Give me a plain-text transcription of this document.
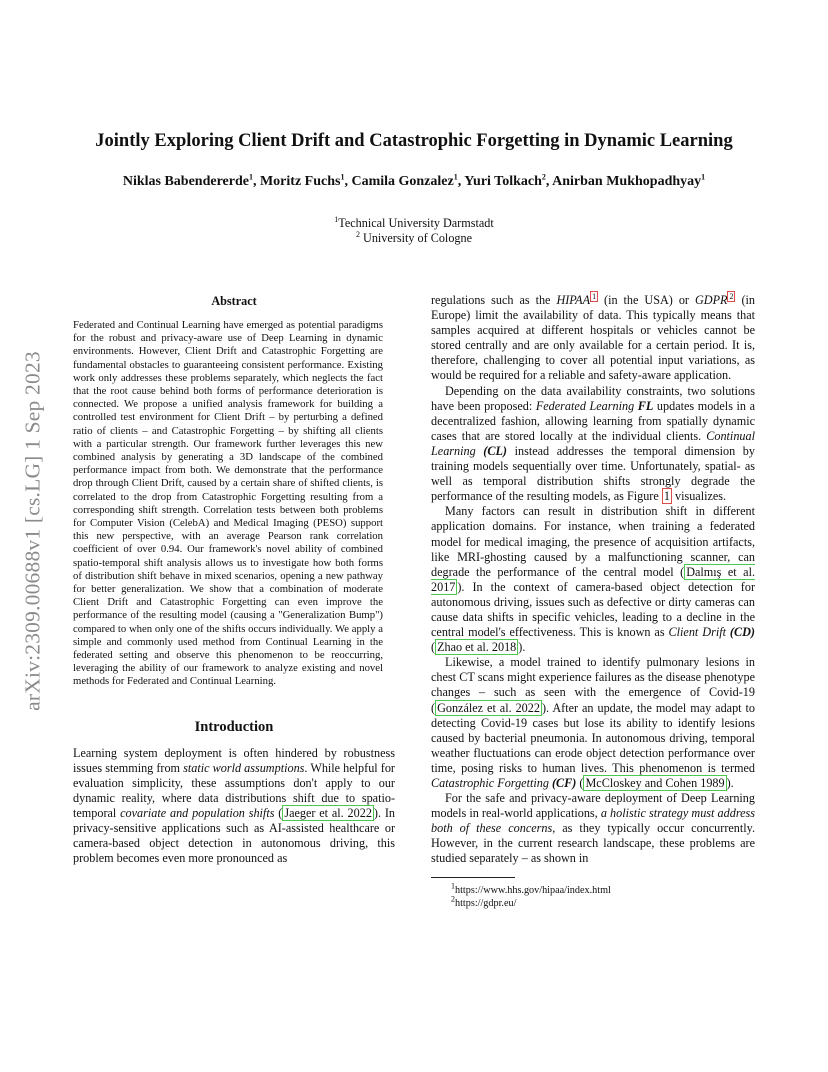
Jointly Exploring Client Drift and Catastrophic Forgetting in Dynamic Learning
Niklas Babendererde$^1$, Moritz Fuchs$^1$, Camila Gonzalez$^1$, Yuri Tolkach$^2$, Anirban Mukhopadhyay$^1$
$^1$Technical University Darmstadt
$^2$ University of Cologne
arXiv:2309.00688v1 [cs.LG] 1 Sep 2023
Abstract

Federated and Continual Learning have emerged as potential paradigms for the robust and privacy-aware use of Deep Learning in dynamic environments. However, Client Drift and Catastrophic Forgetting are fundamental obstacles to guaranteeing consistent performance. Existing work only addresses these problems separately, which neglects the fact that the root cause behind both forms of performance deterioration is connected. We propose a unified analysis framework for building a controlled test environment for Client Drift – by perturbing a defined ratio of clients – and Catastrophic Forgetting – by shifting all clients with a particular strength. Our framework further leverages this new combined analysis by generating a 3D landscape of the combined performance impact from both. We demonstrate that the performance drop through Client Drift, caused by a certain share of shifted clients, is correlated to the drop from Catastrophic Forgetting resulting from a corresponding shift strength. Correlation tests between both problems for Computer Vision (CelebA) and Medical Imaging (PESO) support this new perspective, with an average Pearson rank correlation coefficient of over 0.94. Our framework's novel ability of combined spatio-temporal shift analysis allows us to investigate how both forms of distribution shift behave in mixed scenarios, opening a new pathway for better generalization. We show that a combination of moderate Client Drift and Catastrophic Forgetting can even improve the performance of the resulting model (causing a "Generalization Bump") compared to when only one of the shifts occurs individually. We apply a simple and commonly used method from Continual Learning in the federated setting and observe this phenomenon to be reoccurring, leveraging the ability of our framework to analyze existing and novel methods for Federated and Continual Learning.

Introduction

Learning system deployment is often hindered by robustness issues stemming from static world assumptions. While helpful for evaluation simplicity, these assumptions don't apply to our dynamic reality, where data distributions shift due to spatio-temporal covariate and population shifts ( Jaeger et al. 2022 ). In privacy-sensitive applications such as AI-assisted healthcare or camera-based object detection in autonomous driving, this problem becomes even more pronounced as

regulations such as the HIPAA $^1$ (in the USA) or GDPR $^2$ (in Europe) limit the availability of data. This typically means that samples acquired at different hospitals or vehicles cannot be stored centrally and are only available for a certain period. It is, therefore, challenging to cover all potential input variations, as would be required for a reliable and safety-aware application.

Depending on the data availability constraints, two solutions have been proposed: Federated Learning FL updates models in a decentralized fashion, allowing learning from spatially dynamic cases that are stored locally at the individual clients. Continual Learning (CL) instead addresses the temporal dimension by training models sequentially over time. Unfortunately, spatial- as well as temporal distribution shifts strongly degrade the performance of the resulting models, as Figure 1 visualizes.

Many factors can result in distribution shift in different application domains. For instance, when training a federated model for medical imaging, the presence of acquisition artifacts, like MRI-ghosting caused by a malfunctioning scanner, can degrade the performance of the central model ( Dalmış et al. 2017 ). In the context of camera-based object detection for autonomous driving, issues such as defective or dirty cameras can cause data shifts in specific vehicles, leading to a decline in the central model's effectiveness. This is known as Client Drift (CD) ( Zhao et al. 2018 ).

Likewise, a model trained to identify pulmonary lesions in chest CT scans might experience failures as the disease phenotype changes – such as seen with the emergence of Covid-19 ( González et al. 2022 ). After an update, the model may adapt to detecting Covid-19 cases but lose its ability to identify lesions caused by bacterial pneumonia. In autonomous driving, temporal weather fluctuations can erode object detection performance over time, posing risks to human lives. This phenomenon is termed Catastrophic Forgetting (CF) ( McCloskey and Cohen 1989 ).

For the safe and privacy-aware deployment of Deep Learning models in real-world applications, a holistic strategy must address both of these concerns, as they typically occur concurrently. However, in the current research landscape, these problems are studied separately – as shown in

$^1$https://www.hhs.gov/hipaa/index.html

$^2$https://gdpr.eu/
